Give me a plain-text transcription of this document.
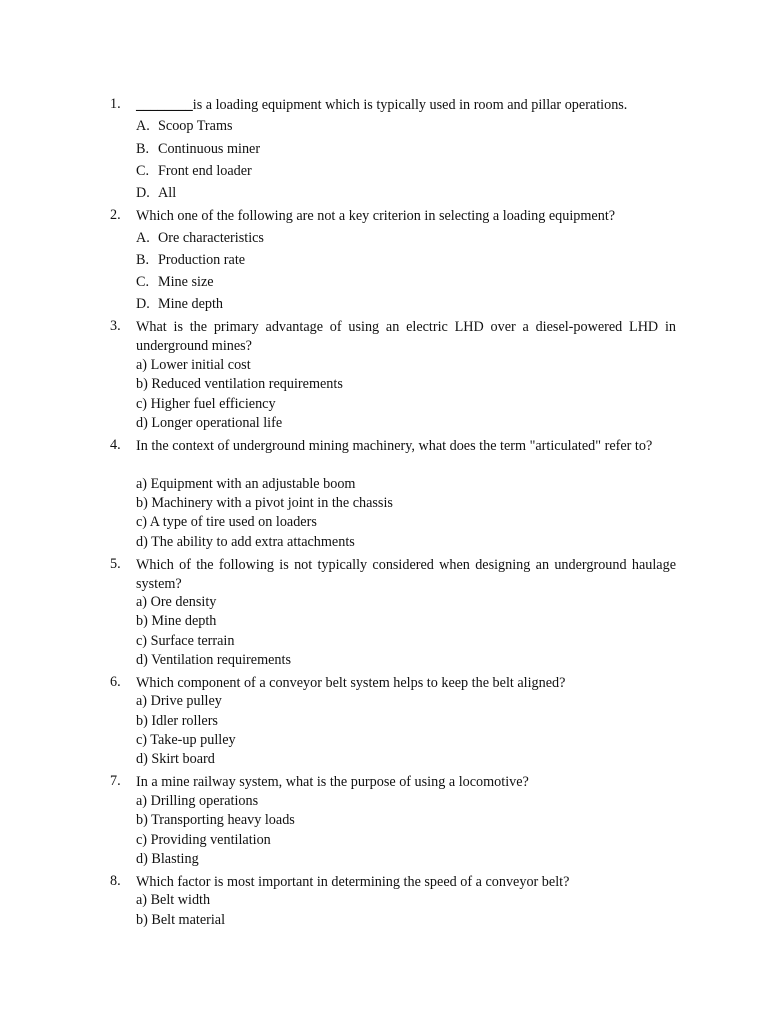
1.	________is a loading equipment which is typically used in room and pillar operations.
A. Scoop Trams
B. Continuous miner
C. Front end loader
D. All
2.	Which one of the following are not a key criterion in selecting a loading equipment?
A. Ore characteristics
B. Production rate
C. Mine size
D. Mine depth
3.	What is the primary advantage of using an electric LHD over a diesel-powered LHD in underground mines?
a) Lower initial cost
b) Reduced ventilation requirements
c) Higher fuel efficiency
d) Longer operational life
4.	In the context of underground mining machinery, what does the term "articulated" refer to?
a) Equipment with an adjustable boom
b) Machinery with a pivot joint in the chassis
c) A type of tire used on loaders
d) The ability to add extra attachments
5.	Which of the following is not typically considered when designing an underground haulage system?
a) Ore density
b) Mine depth
c) Surface terrain
d) Ventilation requirements
6.	Which component of a conveyor belt system helps to keep the belt aligned?
a) Drive pulley
b) Idler rollers
c) Take-up pulley
d) Skirt board
7.	In a mine railway system, what is the purpose of using a locomotive?
a) Drilling operations
b) Transporting heavy loads
c) Providing ventilation
d) Blasting
8.	Which factor is most important in determining the speed of a conveyor belt?
a) Belt width
b) Belt material
